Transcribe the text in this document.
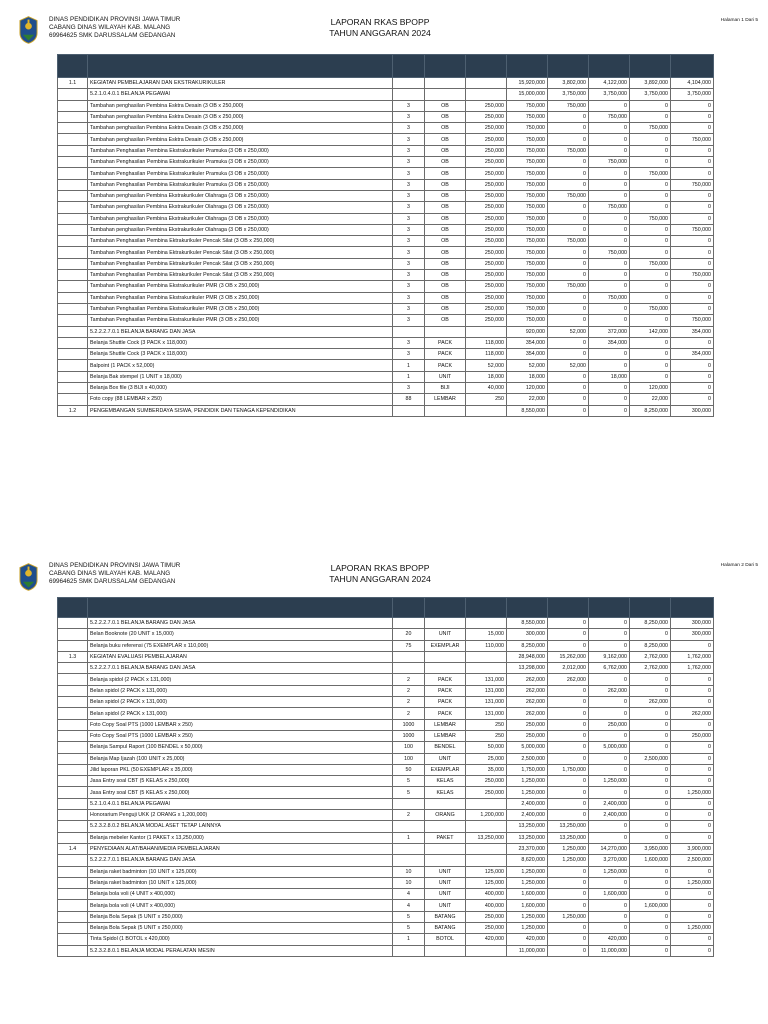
DINAS PENDIDIKAN PROVINSI JAWA TIMUR
CABANG DINAS WILAYAH KAB. MALANG
69964625 SMK DARUSSALAM GEDANGAN
LAPORAN RKAS BPOPP
TAHUN ANGGARAN 2024
Halaman 1 Dari 5

1.1	KEGIATAN PEMBELAJARAN DAN EKSTRAKURIKULER				15,920,000	3,802,000	4,122,000	3,892,000	4,104,000
	5.2.1.0.4.0.1 BELANJA PEGAWAI				15,000,000	3,750,000	3,750,000	3,750,000	3,750,000
	Tambahan penghasilan Pembina Esktra Desain (3 OB x 250,000)	3	OB	250,000	750,000	750,000	0	0	0
	Tambahan penghasilan Pembina Esktra Desain (3 OB x 250,000)	3	OB	250,000	750,000	0	750,000	0	0
	Tambahan penghasilan Pembina Esktra Desain (3 OB x 250,000)	3	OB	250,000	750,000	0	0	750,000	0
	Tambahan penghasilan Pembina Esktra Desain (3 OB x 250,000)	3	OB	250,000	750,000	0	0	0	750,000
	Tambahan Penghasilan Pembina Ekstrakurikuler Pramuka (3 OB x 250,000)	3	OB	250,000	750,000	750,000	0	0	0
	Tambahan Penghasilan Pembina Ekstrakurikuler Pramuka (3 OB x 250,000)	3	OB	250,000	750,000	0	750,000	0	0
	Tambahan Penghasilan Pembina Ekstrakurikuler Pramuka (3 OB x 250,000)	3	OB	250,000	750,000	0	0	750,000	0
	Tambahan Penghasilan Pembina Ekstrakurikuler Pramuka (3 OB x 250,000)	3	OB	250,000	750,000	0	0	0	750,000
	Tambahan penghasilan Pembina Ekstrakurikuler Olahraga (3 OB x 250,000)	3	OB	250,000	750,000	750,000	0	0	0
	Tambahan penghasilan Pembina Ekstrakurikuler Olahraga (3 OB x 250,000)	3	OB	250,000	750,000	0	750,000	0	0
	Tambahan penghasilan Pembina Ekstrakurikuler Olahraga (3 OB x 250,000)	3	OB	250,000	750,000	0	0	750,000	0
	Tambahan penghasilan Pembina Ekstrakurikuler Olahraga (3 OB x 250,000)	3	OB	250,000	750,000	0	0	0	750,000
	Tambahan Penghasilan Pembina Ektrakurikuler Pencak Silat (3 OB x 250,000)	3	OB	250,000	750,000	750,000	0	0	0
	Tambahan Penghasilan Pembina Ektrakurikuler Pencak Silat (3 OB x 250,000)	3	OB	250,000	750,000	0	750,000	0	0
	Tambahan Penghasilan Pembina Ektrakurikuler Pencak Silat (3 OB x 250,000)	3	OB	250,000	750,000	0	0	750,000	0
	Tambahan Penghasilan Pembina Ektrakurikuler Pencak Silat (3 OB x 250,000)	3	OB	250,000	750,000	0	0	0	750,000
	Tambahan Penghasilan Pembina Ekstrakurikuler PMR (3 OB x 250,000)	3	OB	250,000	750,000	750,000	0	0	0
	Tambahan Penghasilan Pembina Ekstrakurikuler PMR (3 OB x 250,000)	3	OB	250,000	750,000	0	750,000	0	0
	Tambahan Penghasilan Pembina Ekstrakurikuler PMR (3 OB x 250,000)	3	OB	250,000	750,000	0	0	750,000	0
	Tambahan Penghasilan Pembina Ekstrakurikuler PMR (3 OB x 250,000)	3	OB	250,000	750,000	0	0	0	750,000
	5.2.2.2.7.0.1 BELANJA BARANG DAN JASA				920,000	52,000	372,000	142,000	354,000
	Belanja Shuttle Cock (3 PACK x 118,000)	3	PACK	118,000	354,000	0	354,000	0	0
	Belanja Shuttle Cock (3 PACK x 118,000)	3	PACK	118,000	354,000	0	0	0	354,000
	Balpoint (1 PACK x 52,000)	1	PACK	52,000	52,000	52,000	0	0	0
	Belanja Bak stempel (1 UNIT x 18,000)	1	UNIT	18,000	18,000	0	18,000	0	0
	Belanja Box file (3 BIJI x 40,000)	3	BIJI	40,000	120,000	0	0	120,000	0
	Foto copy (88 LEMBAR x 250)	88	LEMBAR	250	22,000	0	0	22,000	0
1.2	PENGEMBANGAN SUMBERDAYA SISWA, PENDIDIK DAN TENAGA KEPENDIDIKAN				8,550,000	0	0	8,250,000	300,000
DINAS PENDIDIKAN PROVINSI JAWA TIMUR
CABANG DINAS WILAYAH KAB. MALANG
69964625 SMK DARUSSALAM GEDANGAN
LAPORAN RKAS BPOPP
TAHUN ANGGARAN 2024
Halaman 2 Dari 5

	5.2.2.2.7.0.1 BELANJA BARANG DAN JASA				8,550,000	0	0	8,250,000	300,000
	Belan Booknote (20 UNIT x 15,000)	20	UNIT	15,000	300,000	0	0	0	300,000
	Belanja buku referensi (75 EXEMPLAR x 110,000)	75	EXEMPLAR	110,000	8,250,000	0	0	8,250,000	0
1.3	KEGIATAN EVALUASI PEMBELAJARAN				28,948,000	15,262,000	9,162,000	2,762,000	1,762,000
	5.2.2.2.7.0.1 BELANJA BARANG DAN JASA				13,298,000	2,012,000	6,762,000	2,762,000	1,762,000
	Belanja spidol (2 PACK x 131,000)	2	PACK	131,000	262,000	262,000	0	0	0
	Belan spidol (2 PACK x 131,000)	2	PACK	131,000	262,000	0	262,000	0	0
	Belan spidol (2 PACK x 131,000)	2	PACK	131,000	262,000	0	0	262,000	0
	Belan spidol (2 PACK x 131,000)	2	PACK	131,000	262,000	0	0	0	262,000
	Foto Copy Soal PTS (1000 LEMBAR x 250)	1000	LEMBAR	250	250,000	0	250,000	0	0
	Foto Copy Soal PTS (1000 LEMBAR x 250)	1000	LEMBAR	250	250,000	0	0	0	250,000
	Belanja Sampul Raport (100 BENDEL x 50,000)	100	BENDEL	50,000	5,000,000	0	5,000,000	0	0
	Belanja Map Ijazah (100 UNIT x 25,000)	100	UNIT	25,000	2,500,000	0	0	2,500,000	0
	Jilid laporan PKL (50 EXEMPLAR x 35,000)	50	EXEMPLAR	35,000	1,750,000	1,750,000	0	0	0
	Jasa Entry soal CBT (5 KELAS x 250,000)	5	KELAS	250,000	1,250,000	0	1,250,000	0	0
	Jasa Entry soal CBT (5 KELAS x 250,000)	5	KELAS	250,000	1,250,000	0	0	0	1,250,000
	5.2.1.0.4.0.1 BELANJA PEGAWAI				2,400,000	0	2,400,000	0	0
	Honorarium Penguji UKK (2 ORANG x 1,200,000)	2	ORANG	1,200,000	2,400,000	0	2,400,000	0	0
	5.2.3.2.8.0.2 BELANJA MODAL ASET TETAP LAINNYA				13,250,000	13,250,000	0	0	0
	Belanja mebeler Kantor (1 PAKET x 13,250,000)	1	PAKET	13,250,000	13,250,000	13,250,000	0	0	0
1.4	PENYEDIAAN ALAT/BAHAN/MEDIA PEMBELAJARAN				23,370,000	1,250,000	14,270,000	3,950,000	3,900,000
	5.2.2.2.7.0.1 BELANJA BARANG DAN JASA				8,620,000	1,250,000	3,270,000	1,600,000	2,500,000
	Belanja raket badminton (10 UNIT x 125,000)	10	UNIT	125,000	1,250,000	0	1,250,000	0	0
	Belanja raket badminton (10 UNIT x 125,000)	10	UNIT	125,000	1,250,000	0	0	0	1,250,000
	Belanja bola voli (4 UNIT x 400,000)	4	UNIT	400,000	1,600,000	0	1,600,000	0	0
	Belanja bola voli (4 UNIT x 400,000)	4	UNIT	400,000	1,600,000	0	0	1,600,000	0
	Belanja Bola Sepak (5 UNIT x 250,000)	5	BATANG	250,000	1,250,000	1,250,000	0	0	0
	Belanja Bola Sepak (5 UNIT x 250,000)	5	BATANG	250,000	1,250,000	0	0	0	1,250,000
	Tinta Spidol (1 BOTOL x 420,000)	1	BOTOL	420,000	420,000	0	420,000	0	0
	5.2.3.2.8.0.1 BELANJA MODAL PERALATAN MESIN				11,000,000	0	11,000,000	0	0
